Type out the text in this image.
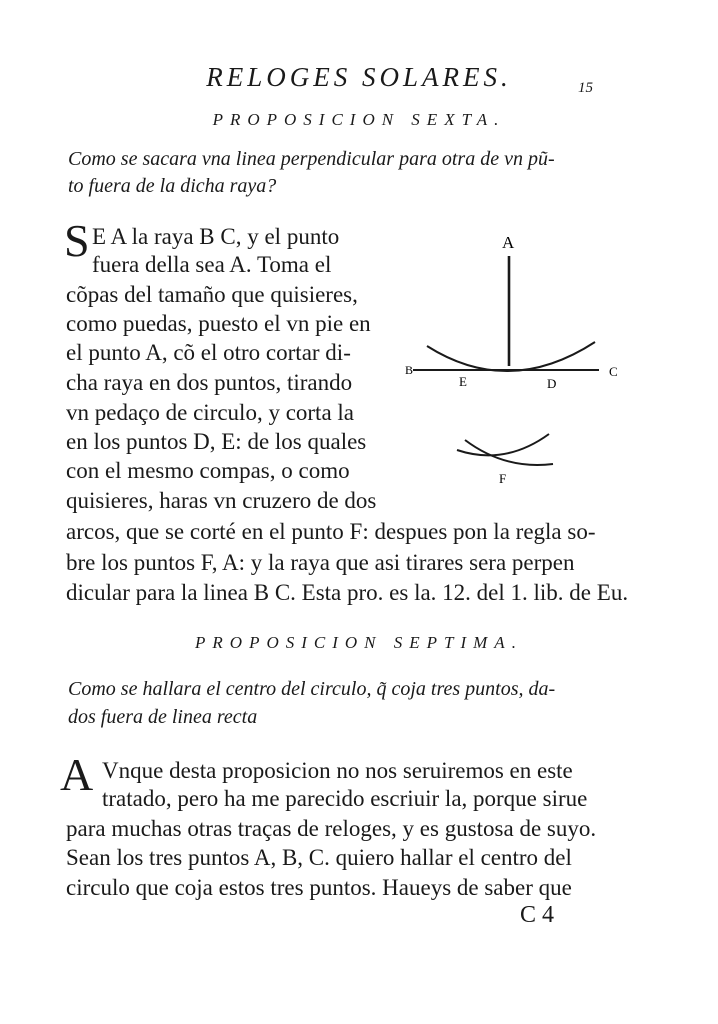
RELOGES SOLARES.	15
PROPOSICION SEXTA.
Como se sacara vna linea perpendicular para otra de vn pũ-
to fuera de la dicha raya?
S E A la raya B C, y el punto
fuera della sea A. Toma el
cõpas del tamaño que quisieres,
como puedas, puesto el vn pie en
el punto A, cõ el otro cortar di-
cha raya en dos puntos, tirando
vn pedaço de circulo, y corta la
en los puntos D, E: de los quales
con el mesmo compas, o como
quisieres, haras vn cruzero de dos
arcos, que se corté en el punto F: despues pon la regla so-
bre los puntos F, A: y la raya que asi tirares sera perpen
dicular para la linea B C. Esta pro. es la. 12. del 1. lib. de Eu.
A
B
E	D
C
F
PROPOSICION SEPTIMA.
Como se hallara el centro del circulo, q̃ coja tres puntos, da-
dos fuera de linea recta
A Vnque desta proposicion no nos seruiremos en este
tratado, pero ha me parecido escriuir la, porque sirue
para muchas otras traças de reloges, y es gustosa de suyo.
Sean los tres puntos A, B, C. quiero hallar el centro del
circulo que coja estos tres puntos. Haueys de saber que
C 4
